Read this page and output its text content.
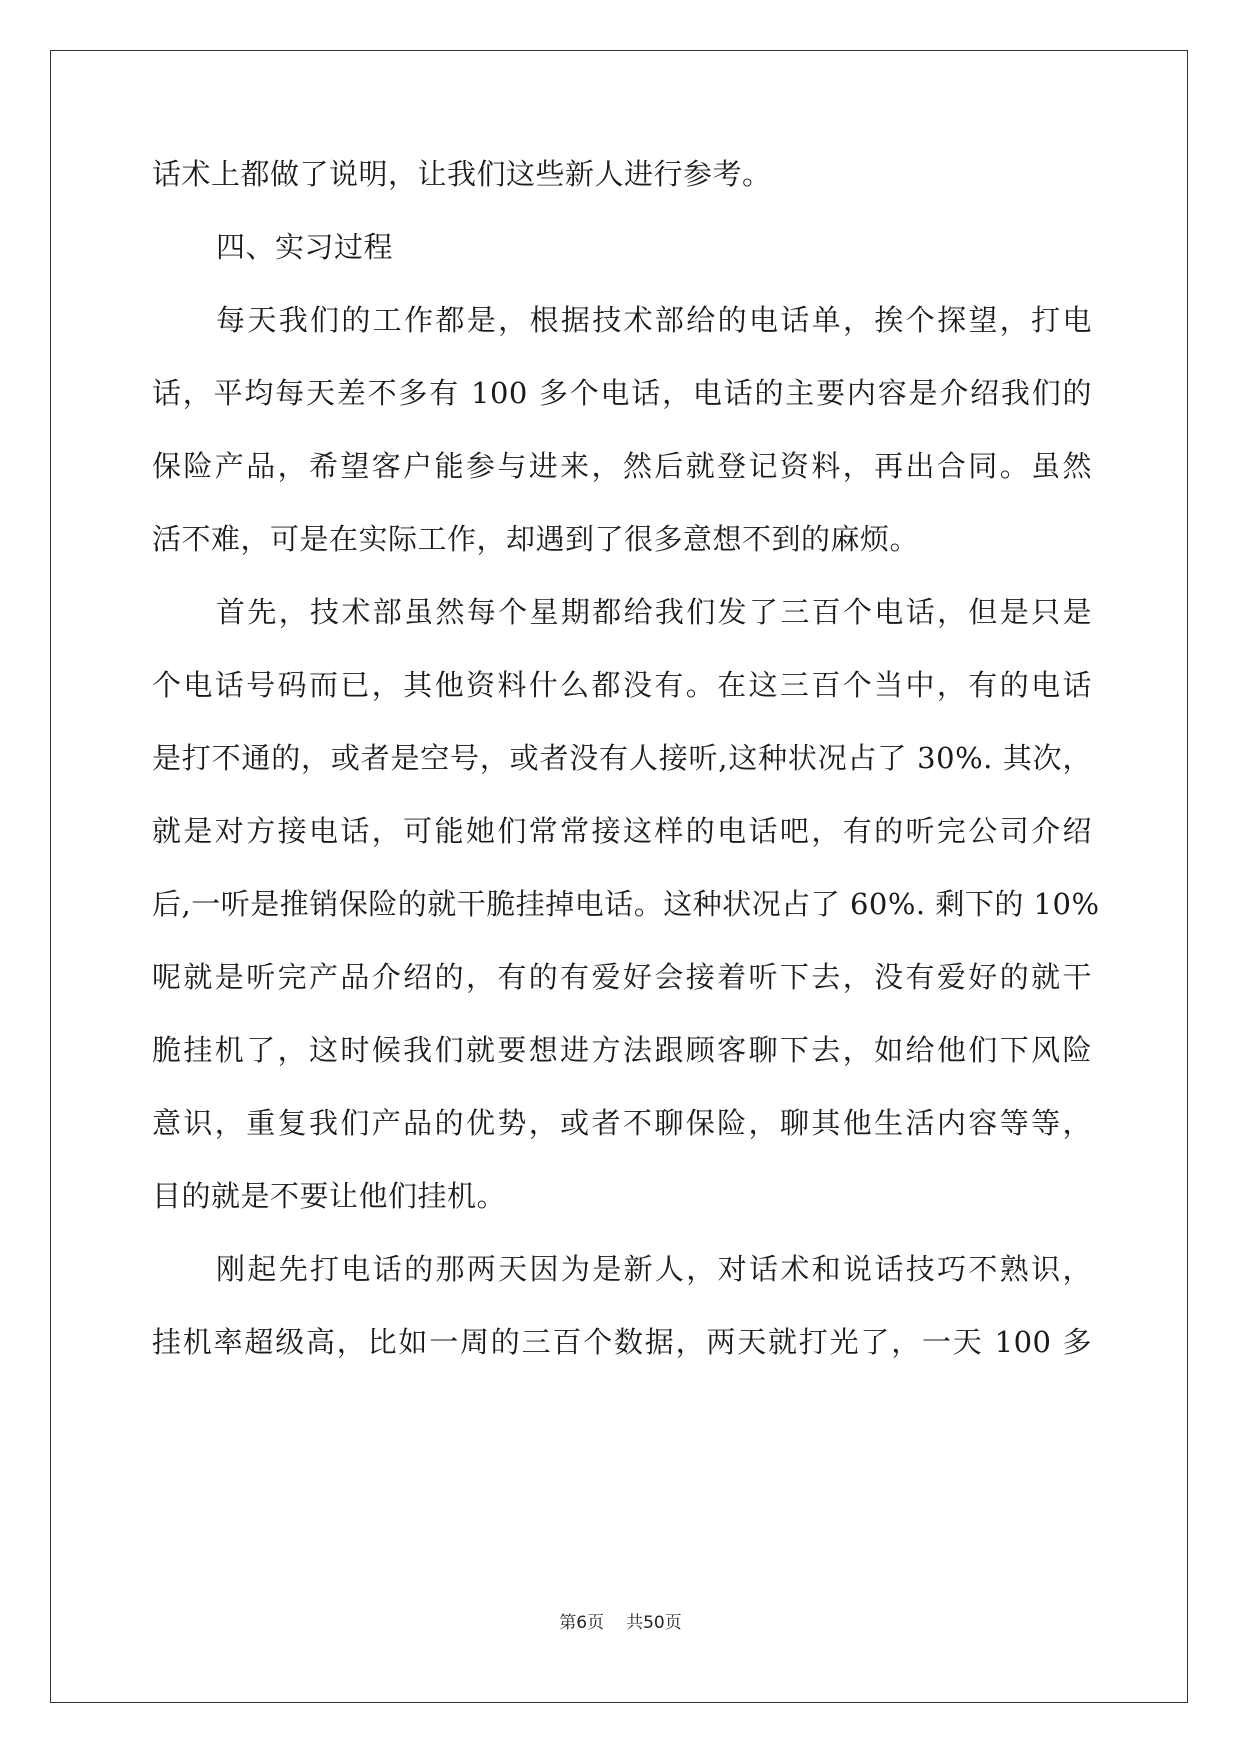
话术上都做了说明，让我们这些新人进行参考。
四、实习过程
每天我们的工作都是，根据技术部给的电话单，挨个探望，打电
话，平均每天差不多有 100 多个电话，电话的主要内容是介绍我们的
保险产品，希望客户能参与进来，然后就登记资料，再出合同。虽然
活不难，可是在实际工作，却遇到了很多意想不到的麻烦。
首先，技术部虽然每个星期都给我们发了三百个电话，但是只是
个电话号码而已，其他资料什么都没有。在这三百个当中，有的电话
是打不通的，或者是空号，或者没有人接听,这种状况占了 30%. 其次，
就是对方接电话，可能她们常常接这样的电话吧，有的听完公司介绍
后,一听是推销保险的就干脆挂掉电话。这种状况占了 60%. 剩下的 10%
呢就是听完产品介绍的，有的有爱好会接着听下去，没有爱好的就干
脆挂机了，这时候我们就要想进方法跟顾客聊下去，如给他们下风险
意识，重复我们产品的优势，或者不聊保险，聊其他生活内容等等，
目的就是不要让他们挂机。
刚起先打电话的那两天因为是新人，对话术和说话技巧不熟识，
挂机率超级高，比如一周的三百个数据，两天就打光了，一天 100 多
第6页 共50页
